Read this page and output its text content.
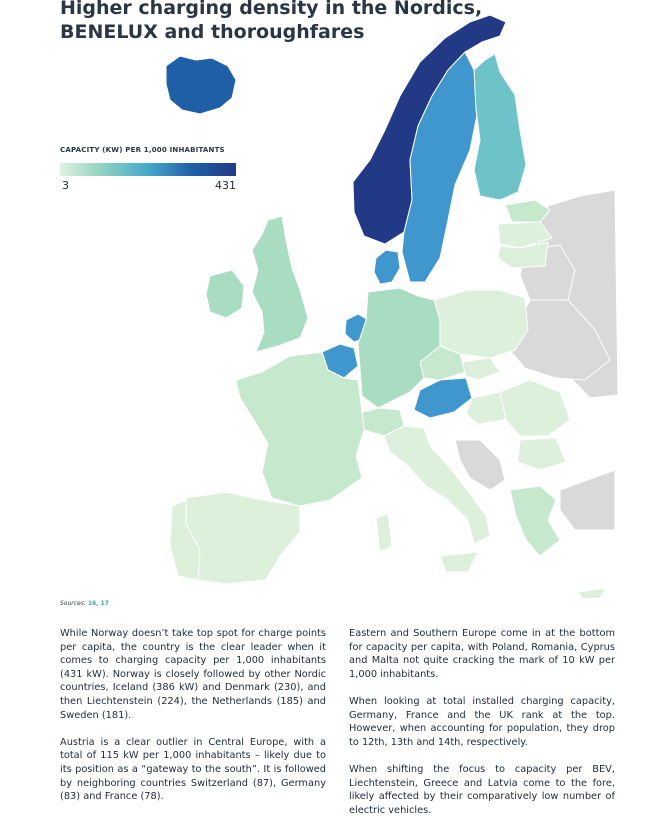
Higher charging density in the Nordics,
BENELUX and thoroughfares
CAPACITY (KW) PER 1,000 INHABITANTS
3	431
Sources: 16, 17

While Norway doesn’t take top spot for charge points per capita, the country is the clear leader when it comes to charging capacity per 1,000 inhabitants (431 kW). Norway is closely followed by other Nordic countries, Iceland (386 kW) and Denmark (230), and then Liechtenstein (224), the Netherlands (185) and Sweden (181).

Austria is a clear outlier in Central Europe, with a total of 115 kW per 1,000 inhabitants – likely due to its position as a “gateway to the south”. It is followed by neighboring countries Switzerland (87), Germany (83) and France (78).

Eastern and Southern Europe come in at the bottom for capacity per capita, with Poland, Romania, Cyprus and Malta not quite cracking the mark of 10 kW per 1,000 inhabitants.

When looking at total installed charging capacity, Germany, France and the UK rank at the top. However, when accounting for population, they drop to 12th, 13th and 14th, respectively.

When shifting the focus to capacity per BEV, Liechtenstein, Greece and Latvia come to the fore, likely affected by their comparatively low number of electric vehicles.
